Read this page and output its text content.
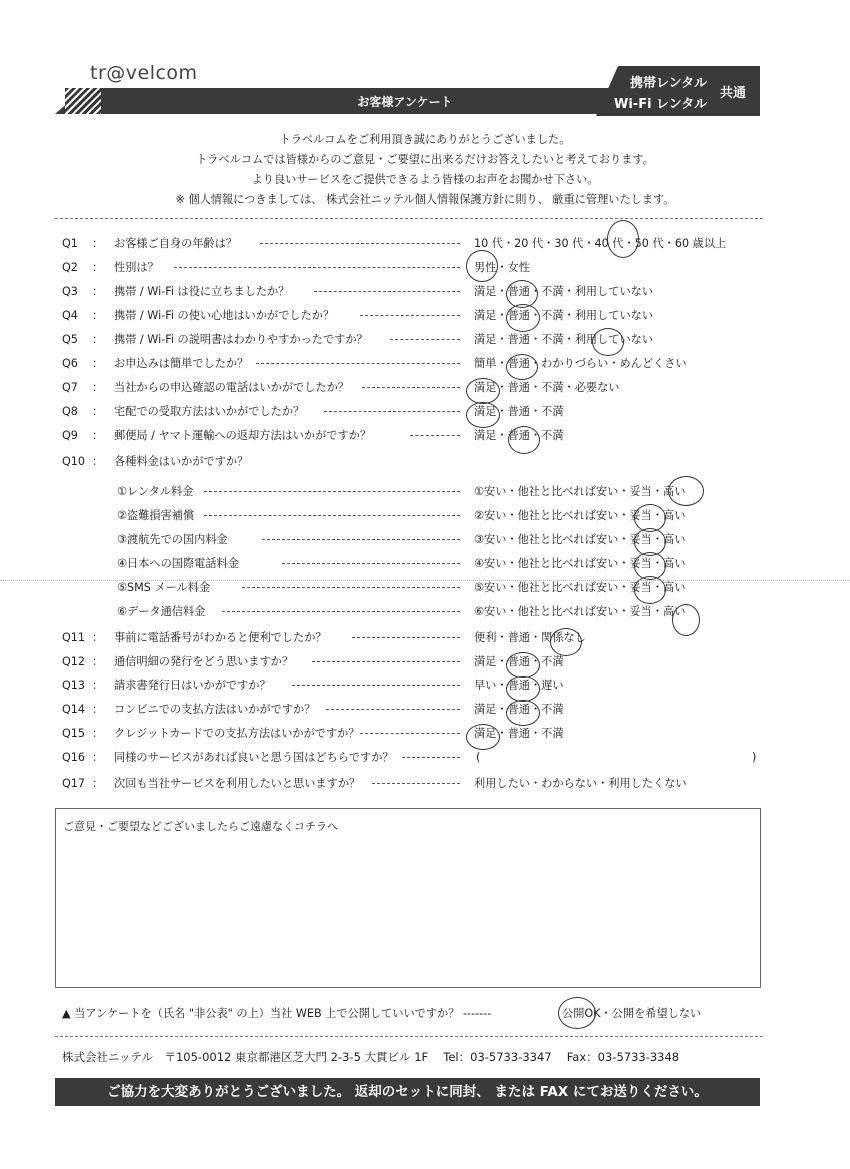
tr@velcom
お客様アンケート
携帯レンタル
Wi-Fi レンタル
共通
トラベルコムをご利用頂き誠にありがとうございました。
トラベルコムでは皆様からのご意見・ご要望に出来るだけお答えしたいと考えております。
より良いサービスをご提供できるよう皆様のお声をお聞かせ下さい。
※ 個人情報につきましては、 株式会社ニッテル個人情報保護方針に則り、 厳重に管理いたします。
Q1	： お客様ご自身の年齢は？	10 代・20 代・30 代・40 代・50 代・60 歳以上
Q2	： 性別は？	男性・女性
Q3	： 携帯 / Wi-Fi は役に立ちましたか？	満足・普通・不満・利用していない
Q4	： 携帯 / Wi-Fi の使い心地はいかがでしたか？	満足・普通・不満・利用していない
Q5	： 携帯 / Wi-Fi の説明書はわかりやすかったですか？	満足・普通・不満・利用していない
Q6	： お申込みは簡単でしたか？	簡単・普通・わかりづらい・めんどくさい
Q7	： 当社からの申込確認の電話はいかがでしたか？	満足・普通・不満・必要ない
Q8	： 宅配での受取方法はいかがでしたか？	満足・普通・不満
Q9	： 郵便局 / ヤマト運輸への返却方法はいかがですか？	満足・普通・不満
Q10 ： 各種料金はいかがですか？
①レンタル料金	①安い・他社と比べれば安い・妥当・高い
②盗難損害補償	②安い・他社と比べれば安い・妥当・高い
③渡航先での国内料金	③安い・他社と比べれば安い・妥当・高い
④日本への国際電話料金	④安い・他社と比べれば安い・妥当・高い
⑤SMS メール料金	⑤安い・他社と比べれば安い・妥当・高い
⑥データ通信料金	⑥安い・他社と比べれば安い・妥当・高い
Q11 ： 事前に電話番号がわかると便利でしたか？	便利・普通・関係なし
Q12 ： 通信明細の発行をどう思いますか？	満足・普通・不満
Q13 ： 請求書発行日はいかがですか？	早い・普通・遅い
Q14 ： コンビニでの支払方法はいかがですか？	満足・普通・不満
Q15 ： クレジットカードでの支払方法はいかがですか？	満足・普通・不満
Q16 ： 同様のサービスがあれば良いと思う国はどちらですか？	(	)
Q17 ： 次回も当社サービスを利用したいと思いますか？	利用したい・わからない・利用したくない
ご意見・ご要望などございましたらご遠慮なくコチラへ
▲ 当アンケートを（氏名 "非公表" の上）当社 WEB 上で公開していいですか？ -------	公開OK・公開を希望しない
株式会社ニッテル　〒105-0012 東京都港区芝大門 2-3-5 大貫ビル 1F　 Tel：03-5733-3347　 Fax：03-5733-3348
ご協力を大変ありがとうございました。 返却のセットに同封、 または FAX にてお送りください。
